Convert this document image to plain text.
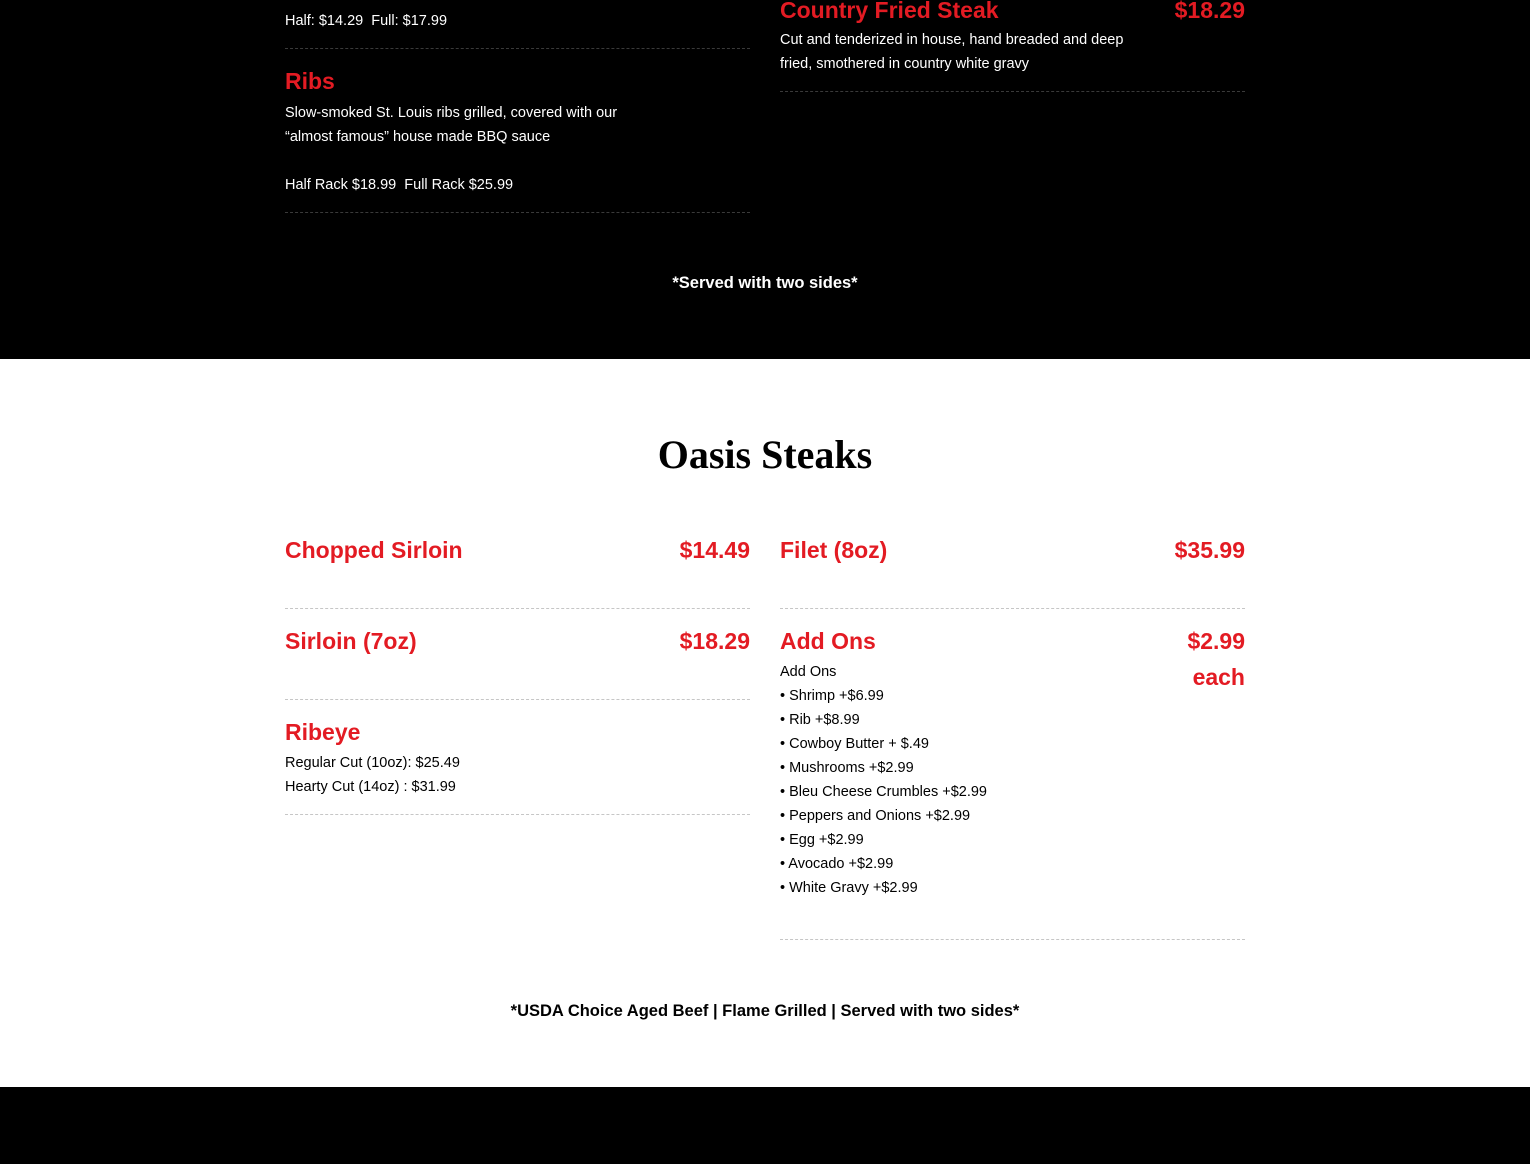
Half: $14.29  Full: $17.99
Ribs
Slow-smoked St. Louis ribs grilled, covered with our
“almost famous” house made BBQ sauce
Half Rack $18.99  Full Rack $25.99
Country Fried Steak	$18.29
Cut and tenderized in house, hand breaded and deep
fried, smothered in country white gravy
*Served with two sides*
Oasis Steaks
Chopped Sirloin	$14.49
Sirloin (7oz)	$18.29
Ribeye
Regular Cut (10oz): $25.49
Hearty Cut (14oz) : $31.99
Filet (8oz)	$35.99
Add Ons	$2.99
each
Add Ons
• Shrimp +$6.99
• Rib +$8.99
• Cowboy Butter + $.49
• Mushrooms +$2.99
• Bleu Cheese Crumbles +$2.99
• Peppers and Onions +$2.99
• Egg +$2.99
• Avocado +$2.99
• White Gravy +$2.99
*USDA Choice Aged Beef | Flame Grilled | Served with two sides*
